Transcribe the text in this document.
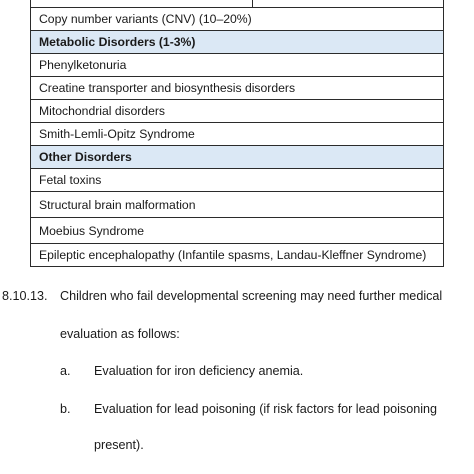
Copy number variants (CNV) (10–20%)
Metabolic Disorders (1-3%)
Phenylketonuria
Creatine transporter and biosynthesis disorders
Mitochondrial disorders
Smith-Lemli-Opitz Syndrome
Other Disorders
Fetal toxins
Structural brain malformation
Moebius Syndrome
Epileptic encephalopathy (Infantile spasms, Landau-Kleffner Syndrome)
8.10.13. Children who fail developmental screening may need further medical
evaluation as follows:
a. Evaluation for iron deficiency anemia.
b. Evaluation for lead poisoning (if risk factors for lead poisoning
present).
